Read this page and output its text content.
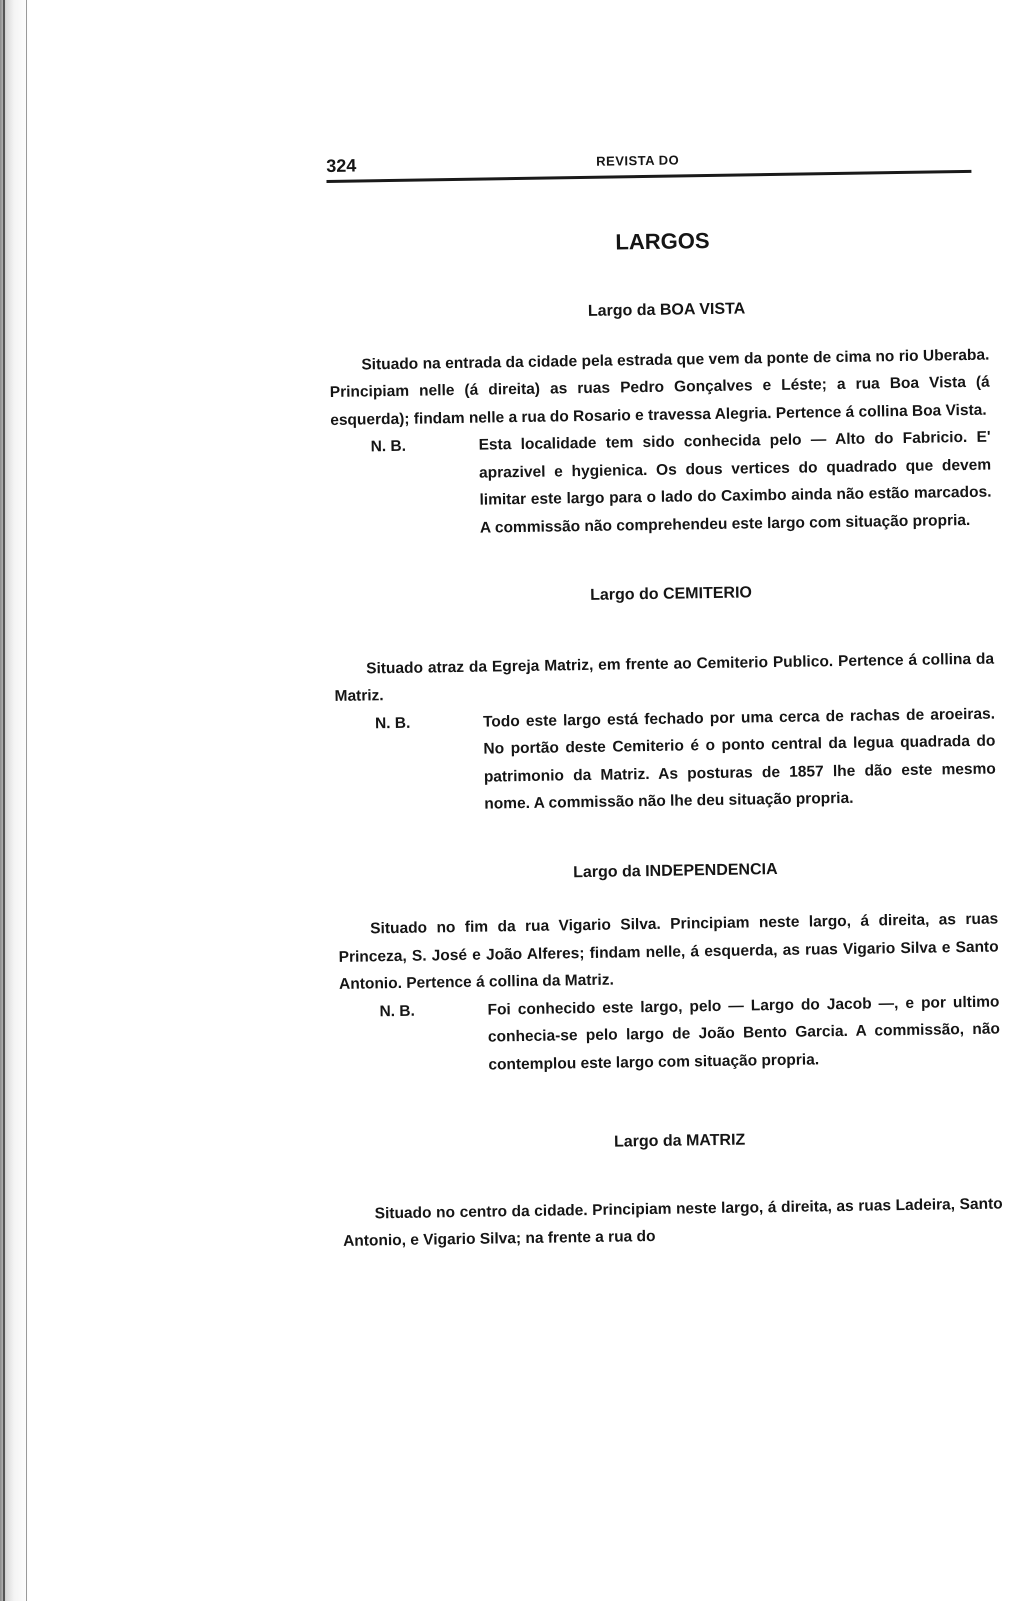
324	REVISTA DO
LARGOS
Largo da BOA VISTA

Situado na entrada da cidade pela estrada que vem da ponte de cima no rio Uberaba. Principiam nelle (á direita) as ruas Pedro Gonçalves e Léste; a rua Boa Vista (á esquerda); findam nelle a rua do Rosario e travessa Alegria. Pertence á collina Boa Vista.

N. B.	Esta localidade tem sido conhecida pelo — Alto do Fabricio. E' aprazivel e hygienica. Os dous vertices do quadrado que devem limitar este largo para o lado do Caximbo ainda não estão marcados. A commissão não comprehendeu este largo com situação propria.
Largo do CEMITERIO

Situado atraz da Egreja Matriz, em frente ao Cemiterio Publico. Pertence á collina da Matriz.

N. B.	Todo este largo está fechado por uma cerca de rachas de aroeiras. No portão deste Cemiterio é o ponto central da legua quadrada do patrimonio da Matriz. As posturas de 1857 lhe dão este mesmo nome. A commissão não lhe deu situação propria.
Largo da INDEPENDENCIA

Situado no fim da rua Vigario Silva. Principiam neste largo, á direita, as ruas Princeza, S. José e João Alferes; findam nelle, á esquerda, as ruas Vigario Silva e Santo Antonio. Pertence á collina da Matriz.

N. B.	Foi conhecido este largo, pelo — Largo do Jacob —, e por ultimo conhecia-se pelo largo de João Bento Garcia. A commissão, não contemplou este largo com situação propria.
Largo da MATRIZ

Situado no centro da cidade. Principiam neste largo, á direita, as ruas Ladeira, Santo Antonio, e Vigario Silva; na frente a rua do
